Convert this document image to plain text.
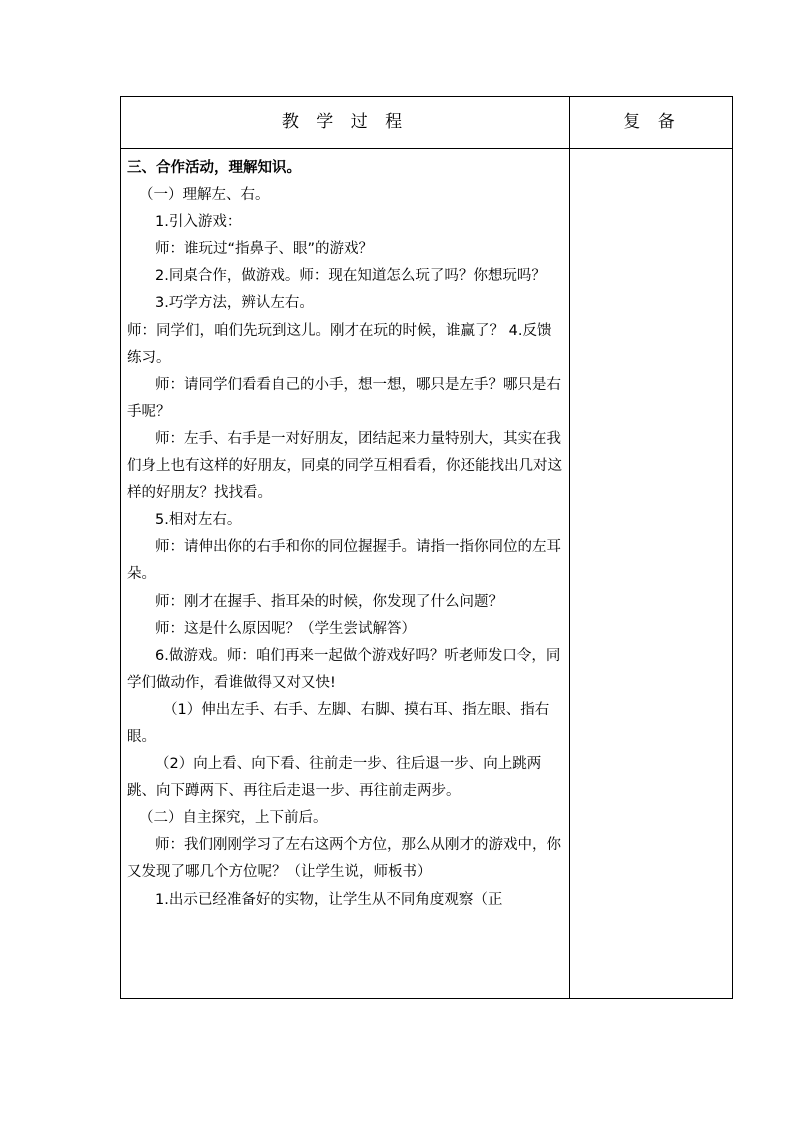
教 学 过 程	复 备

三、合作活动，理解知识。

（一）理解左、右。

1.引入游戏：

师：谁玩过“指鼻子、眼”的游戏？

2.同桌合作，做游戏。师：现在知道怎么玩了吗？你想玩吗？

3.巧学方法，辨认左右。

师：同学们，咱们先玩到这儿。刚才在玩的时候，谁赢了？ 4.反馈练习。

师：请同学们看看自己的小手，想一想，哪只是左手？哪只是右手呢？

师：左手、右手是一对好朋友，团结起来力量特别大，其实在我们身上也有这样的好朋友，同桌的同学互相看看，你还能找出几对这样的好朋友？找找看。

5.相对左右。

师：请伸出你的右手和你的同位握握手。请指一指你同位的左耳朵。

师：刚才在握手、指耳朵的时候，你发现了什么问题？

师：这是什么原因呢？（学生尝试解答）

6.做游戏。师：咱们再来一起做个游戏好吗？听老师发口令，同学们做动作，看谁做得又对又快!

（1）伸出左手、右手、左脚、右脚、摸右耳、指左眼、指右眼。

（2）向上看、向下看、往前走一步、往后退一步、向上跳两跳、向下蹲两下、再往后走退一步、再往前走两步。

（二）自主探究，上下前后。

师：我们刚刚学习了左右这两个方位，那么从刚才的游戏中，你又发现了哪几个方位呢？（让学生说，师板书）

1.出示已经准备好的实物，让学生从不同角度观察（正
